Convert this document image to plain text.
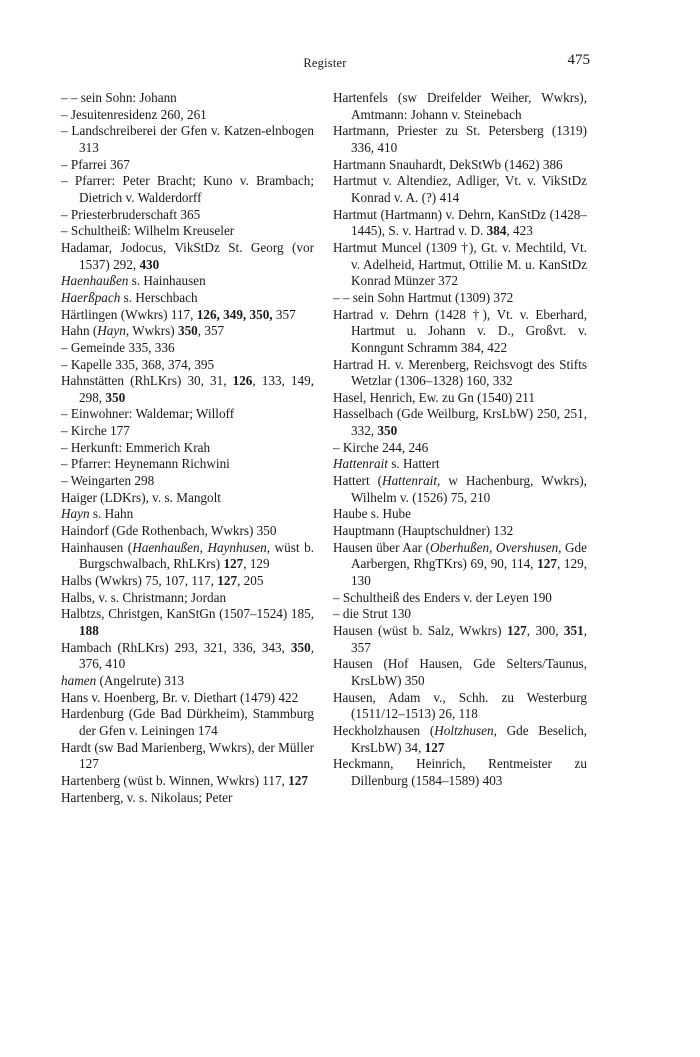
Register	475
– – sein Sohn: Johann
– Jesuitenresidenz 260, 261
– Landschreiberei der Gfen v. Katzen-elnbogen 313
– Pfarrei 367
– Pfarrer: Peter Bracht; Kuno v. Brambach; Dietrich v. Walderdorff
– Priesterbruderschaft 365
– Schultheiß: Wilhelm Kreuseler
Hadamar, Jodocus, VikStDz St. Georg (vor 1537) 292, 430
Haenhaußen s. Hainhausen
Haerßpach s. Herschbach
Härtlingen (Wwkrs) 117, 126, 349, 350, 357
Hahn (Hayn, Wwkrs) 350, 357
– Gemeinde 335, 336
– Kapelle 335, 368, 374, 395
Hahnstätten (RhLKrs) 30, 31, 126, 133, 149, 298, 350
– Einwohner: Waldemar; Willoff
– Kirche 177
– Herkunft: Emmerich Krah
– Pfarrer: Heynemann Richwini
– Weingarten 298
Haiger (LDKrs), v. s. Mangolt
Hayn s. Hahn
Haindorf (Gde Rothenbach, Wwkrs) 350
Hainhausen (Haenhaußen, Haynhusen, wüst b. Burgschwalbach, RhLKrs) 127, 129
Halbs (Wwkrs) 75, 107, 117, 127, 205
Halbs, v. s. Christmann; Jordan
Halbtzs, Christgen, KanStGn (1507–1524) 185, 188
Hambach (RhLKrs) 293, 321, 336, 343, 350, 376, 410
hamen (Angelrute) 313
Hans v. Hoenberg, Br. v. Diethart (1479) 422
Hardenburg (Gde Bad Dürkheim), Stammburg der Gfen v. Leiningen 174
Hardt (sw Bad Marienberg, Wwkrs), der Müller 127
Hartenberg (wüst b. Winnen, Wwkrs) 117, 127
Hartenberg, v. s. Nikolaus; Peter
Hartenfels (sw Dreifelder Weiher, Wwkrs), Amtmann: Johann v. Steinebach
Hartmann, Priester zu St. Petersberg (1319) 336, 410
Hartmann Snauhardt, DekStWb (1462) 386
Hartmut v. Altendiez, Adliger, Vt. v. VikStDz Konrad v. A. (?) 414
Hartmut (Hartmann) v. Dehrn, KanStDz (1428–1445), S. v. Hartrad v. D. 384, 423
Hartmut Muncel (1309 †), Gt. v. Mechtild, Vt. v. Adelheid, Hartmut, Ottilie M. u. KanStDz Konrad Münzer 372
– – sein Sohn Hartmut (1309) 372
Hartrad v. Dehrn (1428 †), Vt. v. Eberhard, Hartmut u. Johann v. D., Großvt. v. Konngunt Schramm 384, 422
Hartrad H. v. Merenberg, Reichsvogt des Stifts Wetzlar (1306–1328) 160, 332
Hasel, Henrich, Ew. zu Gn (1540) 211
Hasselbach (Gde Weilburg, KrsLbW) 250, 251, 332, 350
– Kirche 244, 246
Hattenrait s. Hattert
Hattert (Hattenrait, w Hachenburg, Wwkrs), Wilhelm v. (1526) 75, 210
Haube s. Hube
Hauptmann (Hauptschuldner) 132
Hausen über Aar (Oberhußen, Overshusen, Gde Aarbergen, RhgTKrs) 69, 90, 114, 127, 129, 130
– Schultheiß des Enders v. der Leyen 190
– die Strut 130
Hausen (wüst b. Salz, Wwkrs) 127, 300, 351, 357
Hausen (Hof Hausen, Gde Selters/Taunus, KrsLbW) 350
Hausen, Adam v., Schh. zu Westerburg (1511/12–1513) 26, 118
Heckholzhausen (Holtzhusen, Gde Beselich, KrsLbW) 34, 127
Heckmann, Heinrich, Rentmeister zu Dillenburg (1584–1589) 403
